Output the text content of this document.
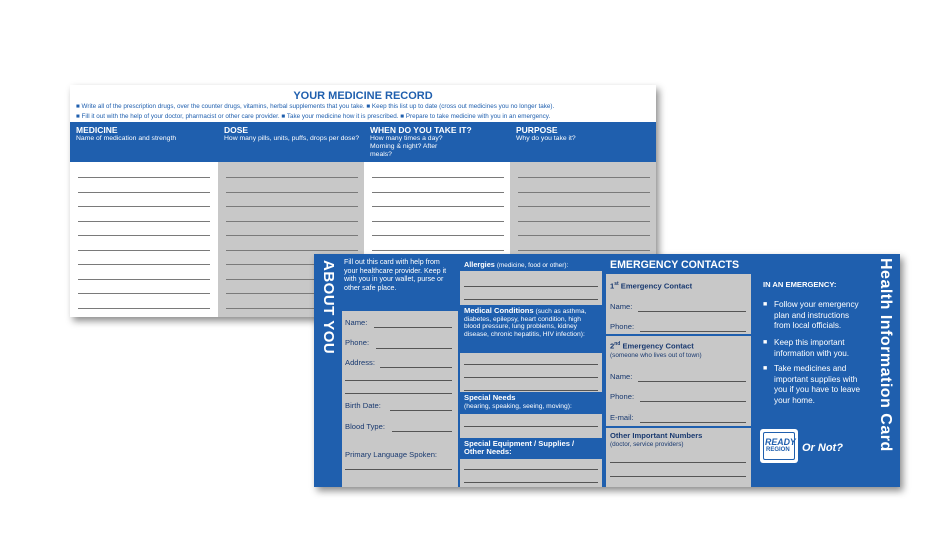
YOUR MEDICINE RECORD
■ Write all of the prescription drugs, over the counter drugs, vitamins, herbal supplements that you take. ■ Keep this list up to date (cross out medicines you no longer take).
■ Fill it out with the help of your doctor, pharmacist or other care provider. ■ Take your medicine how it is prescribed. ■ Prepare to take medicine with you in an emergency.
MEDICINE
Name of medication and strength
DOSE
How many pills, units, puffs, drops per dose?
WHEN DO YOU TAKE IT?
How many times a day? Morning & night? After meals?
PURPOSE
Why do you take it?
ABOUT YOU	Health Information Card
Fill out this card with help from your healthcare provider. Keep it with you in your wallet, purse or other safe place.
Name:
Phone:
Address:
Birth Date:
Blood Type:
Primary Language Spoken:
Allergies (medicine, food or other):
Medical Conditions (such as asthma, diabetes, epilepsy, heart condition, high blood pressure, lung problems, kidney disease, chronic hepatitis, HIV infection):
Special Needs
(hearing, speaking, seeing, moving):
Special Equipment / Supplies / Other Needs:
EMERGENCY CONTACTS
1st Emergency Contact
Name:
Phone:
2nd Emergency Contact
(someone who lives out of town)
Name:
Phone:
E-mail:
Other Important Numbers
(doctor, service providers)
IN AN EMERGENCY:
■ Follow your emergency plan and instructions from local officials.
■ Keep this important information with you.
■ Take medicines and important supplies with you if you have to leave your home.
READY
REGION Or Not?
